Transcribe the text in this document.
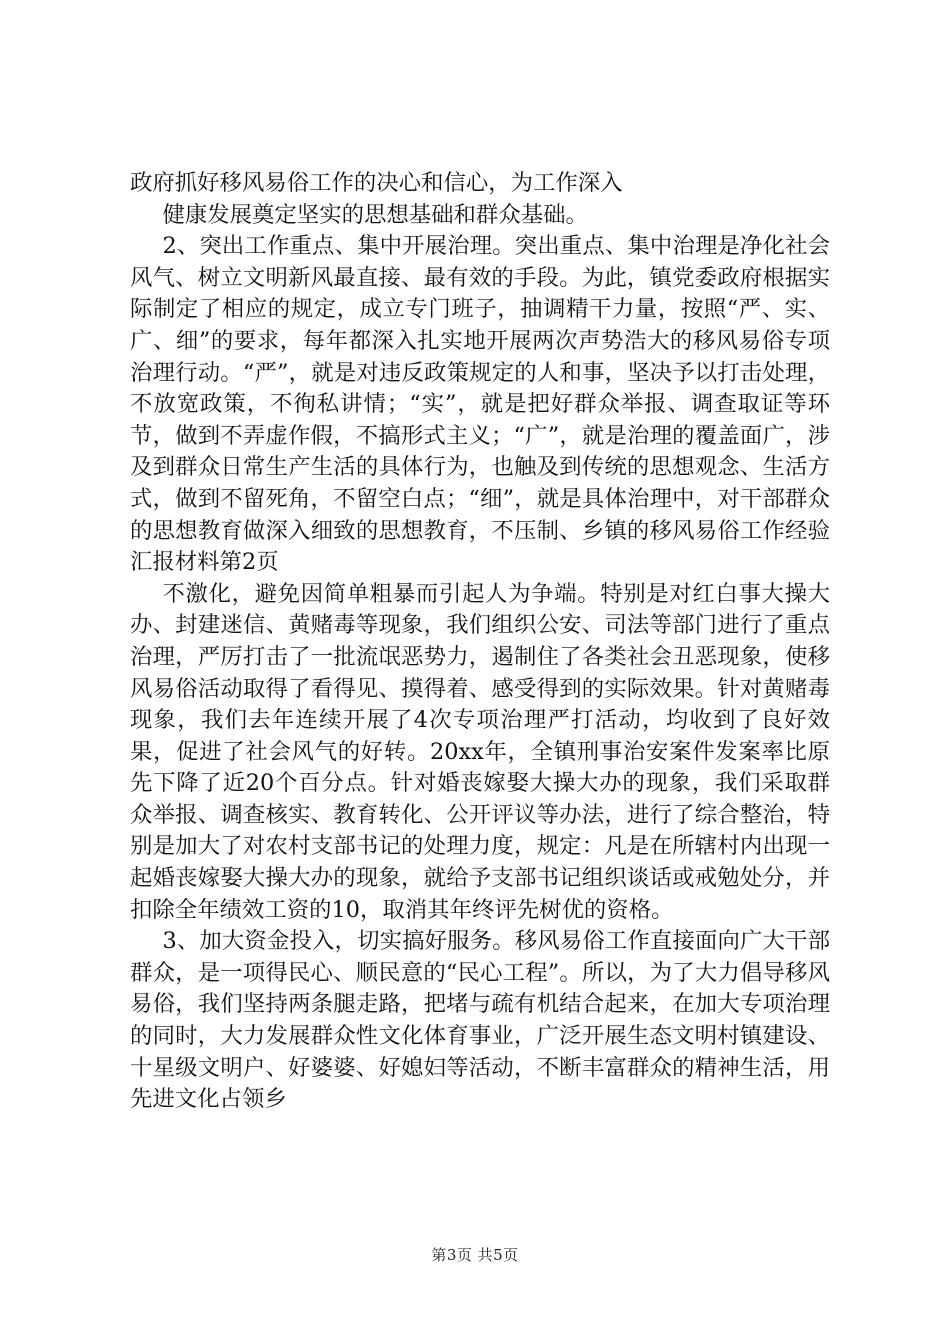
政府抓好移风易俗工作的决心和信心，为工作深入

健康发展奠定坚实的思想基础和群众基础。

2、突出工作重点、集中开展治理。突出重点、集中治理是净化社会风气、树立文明新风最直接、最有效的手段。为此，镇党委政府根据实际制定了相应的规定，成立专门班子，抽调精干力量，按照“严、实、广、细”的要求，每年都深入扎实地开展两次声势浩大的移风易俗专项治理行动。“严”，就是对违反政策规定的人和事，坚决予以打击处理，不放宽政策，不徇私讲情；“实”，就是把好群众举报、调查取证等环节，做到不弄虚作假，不搞形式主义；“广”，就是治理的覆盖面广，涉及到群众日常生产生活的具体行为，也触及到传统的思想观念、生活方式，做到不留死角，不留空白点；“细”，就是具体治理中，对干部群众的思想教育做深入细致的思想教育，不压制、乡镇的移风易俗工作经验汇报材料第2页

不激化，避免因简单粗暴而引起人为争端。特别是对红白事大操大办、封建迷信、黄赌毒等现象，我们组织公安、司法等部门进行了重点治理，严厉打击了一批流氓恶势力，遏制住了各类社会丑恶现象，使移风易俗活动取得了看得见、摸得着、感受得到的实际效果。针对黄赌毒现象，我们去年连续开展了4次专项治理严打活动，均收到了良好效果，促进了社会风气的好转。20xx年，全镇刑事治安案件发案率比原先下降了近20个百分点。针对婚丧嫁娶大操大办的现象，我们采取群众举报、调查核实、教育转化、公开评议等办法，进行了综合整治，特别是加大了对农村支部书记的处理力度，规定：凡是在所辖村内出现一起婚丧嫁娶大操大办的现象，就给予支部书记组织谈话或戒勉处分，并扣除全年绩效工资的10，取消其年终评先树优的资格。

3、加大资金投入，切实搞好服务。移风易俗工作直接面向广大干部群众，是一项得民心、顺民意的“民心工程”。所以，为了大力倡导移风易俗，我们坚持两条腿走路，把堵与疏有机结合起来，在加大专项治理的同时，大力发展群众性文化体育事业，广泛开展生态文明村镇建设、十星级文明户、好婆婆、好媳妇等活动，不断丰富群众的精神生活，用先进文化占领乡

第3页 共5页
